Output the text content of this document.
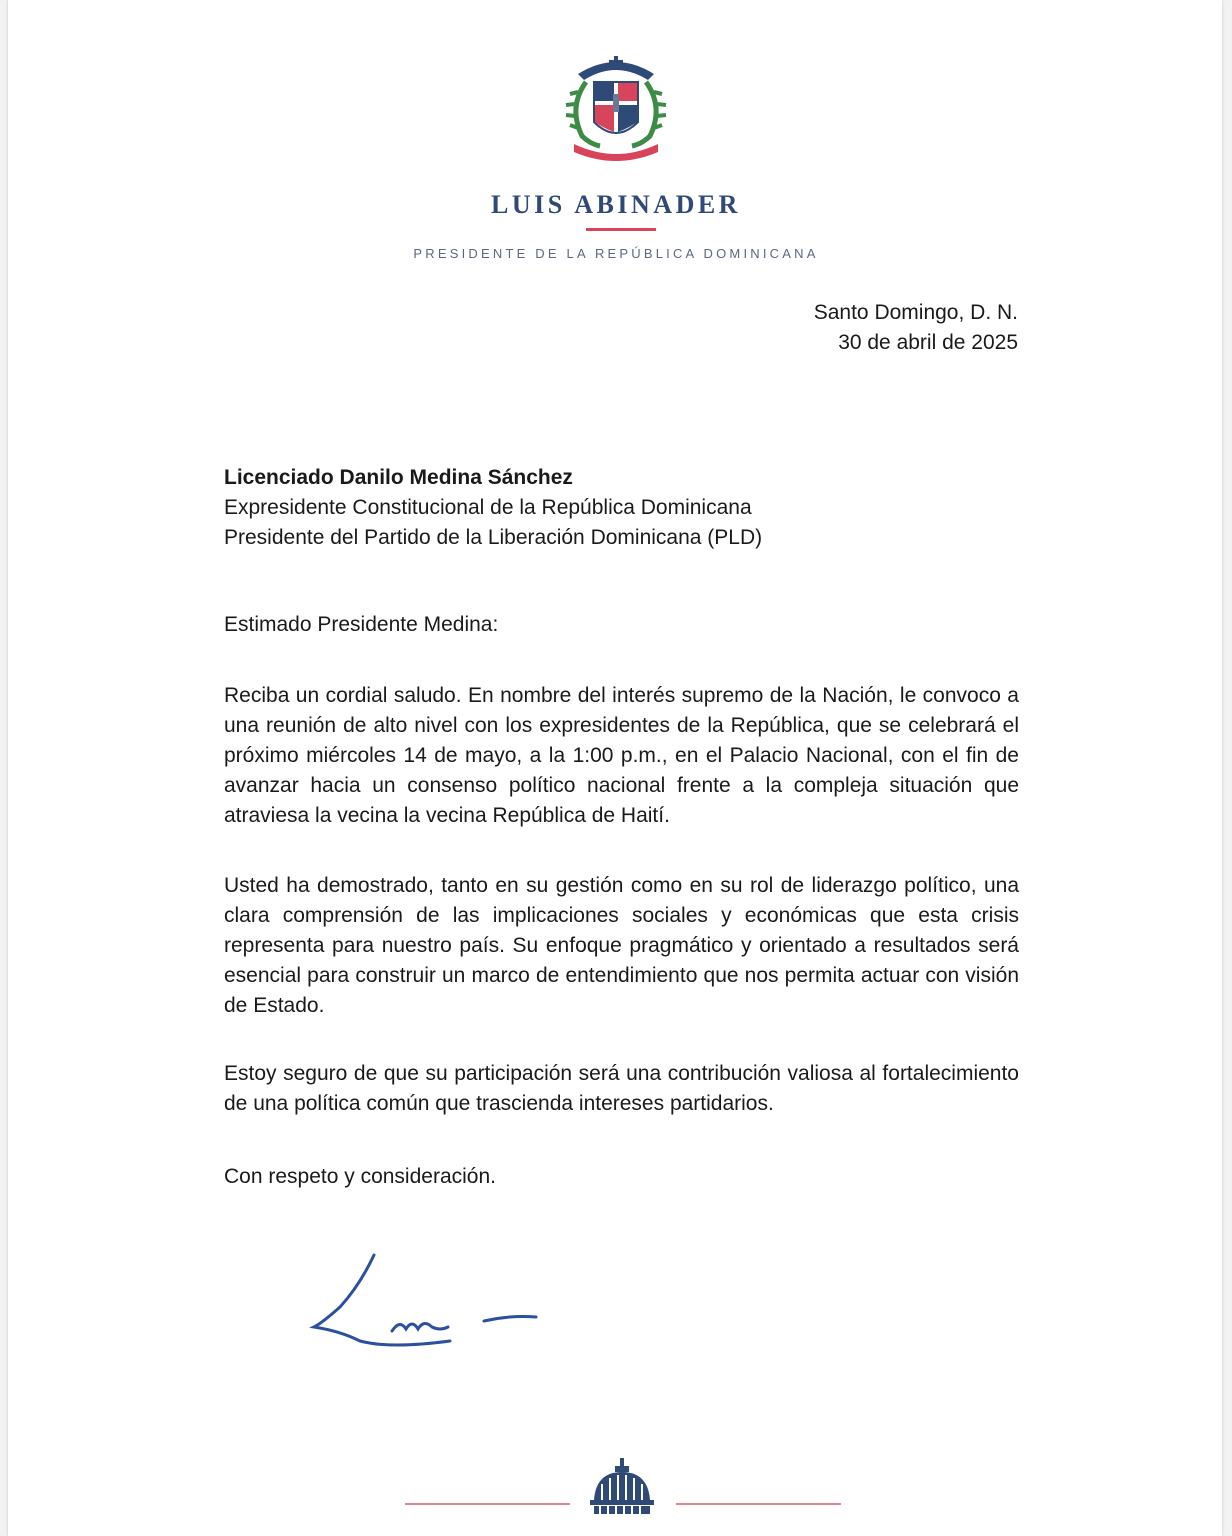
LUIS ABINADER
PRESIDENTE DE LA REPÚBLICA DOMINICANA
Santo Domingo, D. N.
30 de abril de 2025
Licenciado Danilo Medina Sánchez
Expresidente Constitucional de la República Dominicana
Presidente del Partido de la Liberación Dominicana (PLD)
Estimado Presidente Medina:
Reciba un cordial saludo. En nombre del interés supremo de la Nación, le convoco a una reunión de alto nivel con los expresidentes de la República, que se celebrará el próximo miércoles 14 de mayo, a la 1:00 p.m., en el Palacio Nacional, con el fin de avanzar hacia un consenso político nacional frente a la compleja situación que atraviesa la vecina la vecina República de Haití.
Usted ha demostrado, tanto en su gestión como en su rol de liderazgo político, una clara comprensión de las implicaciones sociales y económicas que esta crisis representa para nuestro país. Su enfoque pragmático y orientado a resultados será esencial para construir un marco de entendimiento que nos permita actuar con visión de Estado.
Estoy seguro de que su participación será una contribución valiosa al fortalecimiento de una política común que trascienda intereses partidarios.
Con respeto y consideración.
